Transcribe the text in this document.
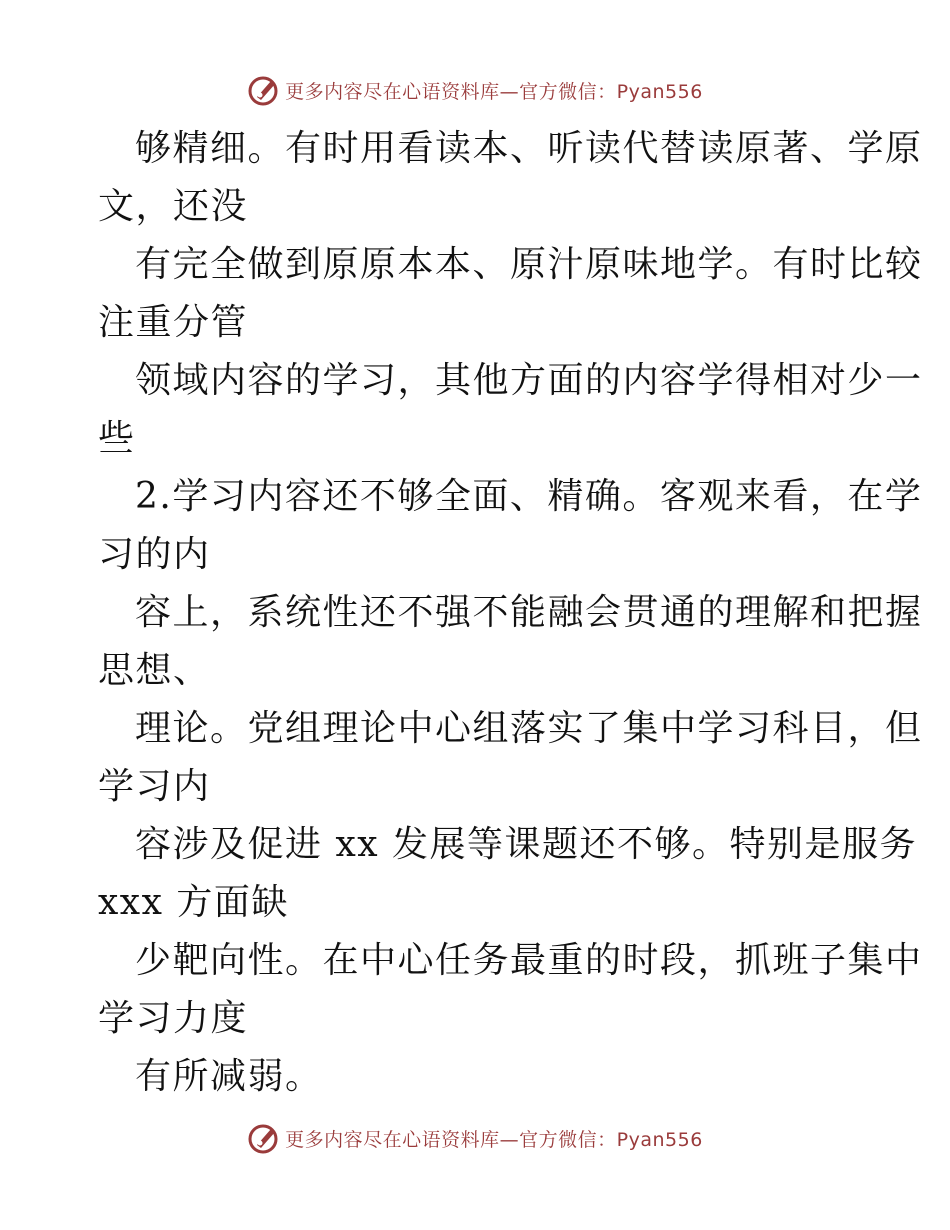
更多内容尽在心语资料库—官方微信：Pyan556
够精细。有时用看读本、听读代替读原著、学原
文，还没
有完全做到原原本本、原汁原味地学。有时比较
注重分管
领域内容的学习，其他方面的内容学得相对少一
些
2.学习内容还不够全面、精确。客观来看，在学
习的内
容上，系统性还不强不能融会贯通的理解和把握
思想、
理论。党组理论中心组落实了集中学习科目，但
学习内
容涉及促进 xx 发展等课题还不够。特别是服务
xxx 方面缺
少靶向性。在中心任务最重的时段，抓班子集中
学习力度
有所减弱。
更多内容尽在心语资料库—官方微信：Pyan556
